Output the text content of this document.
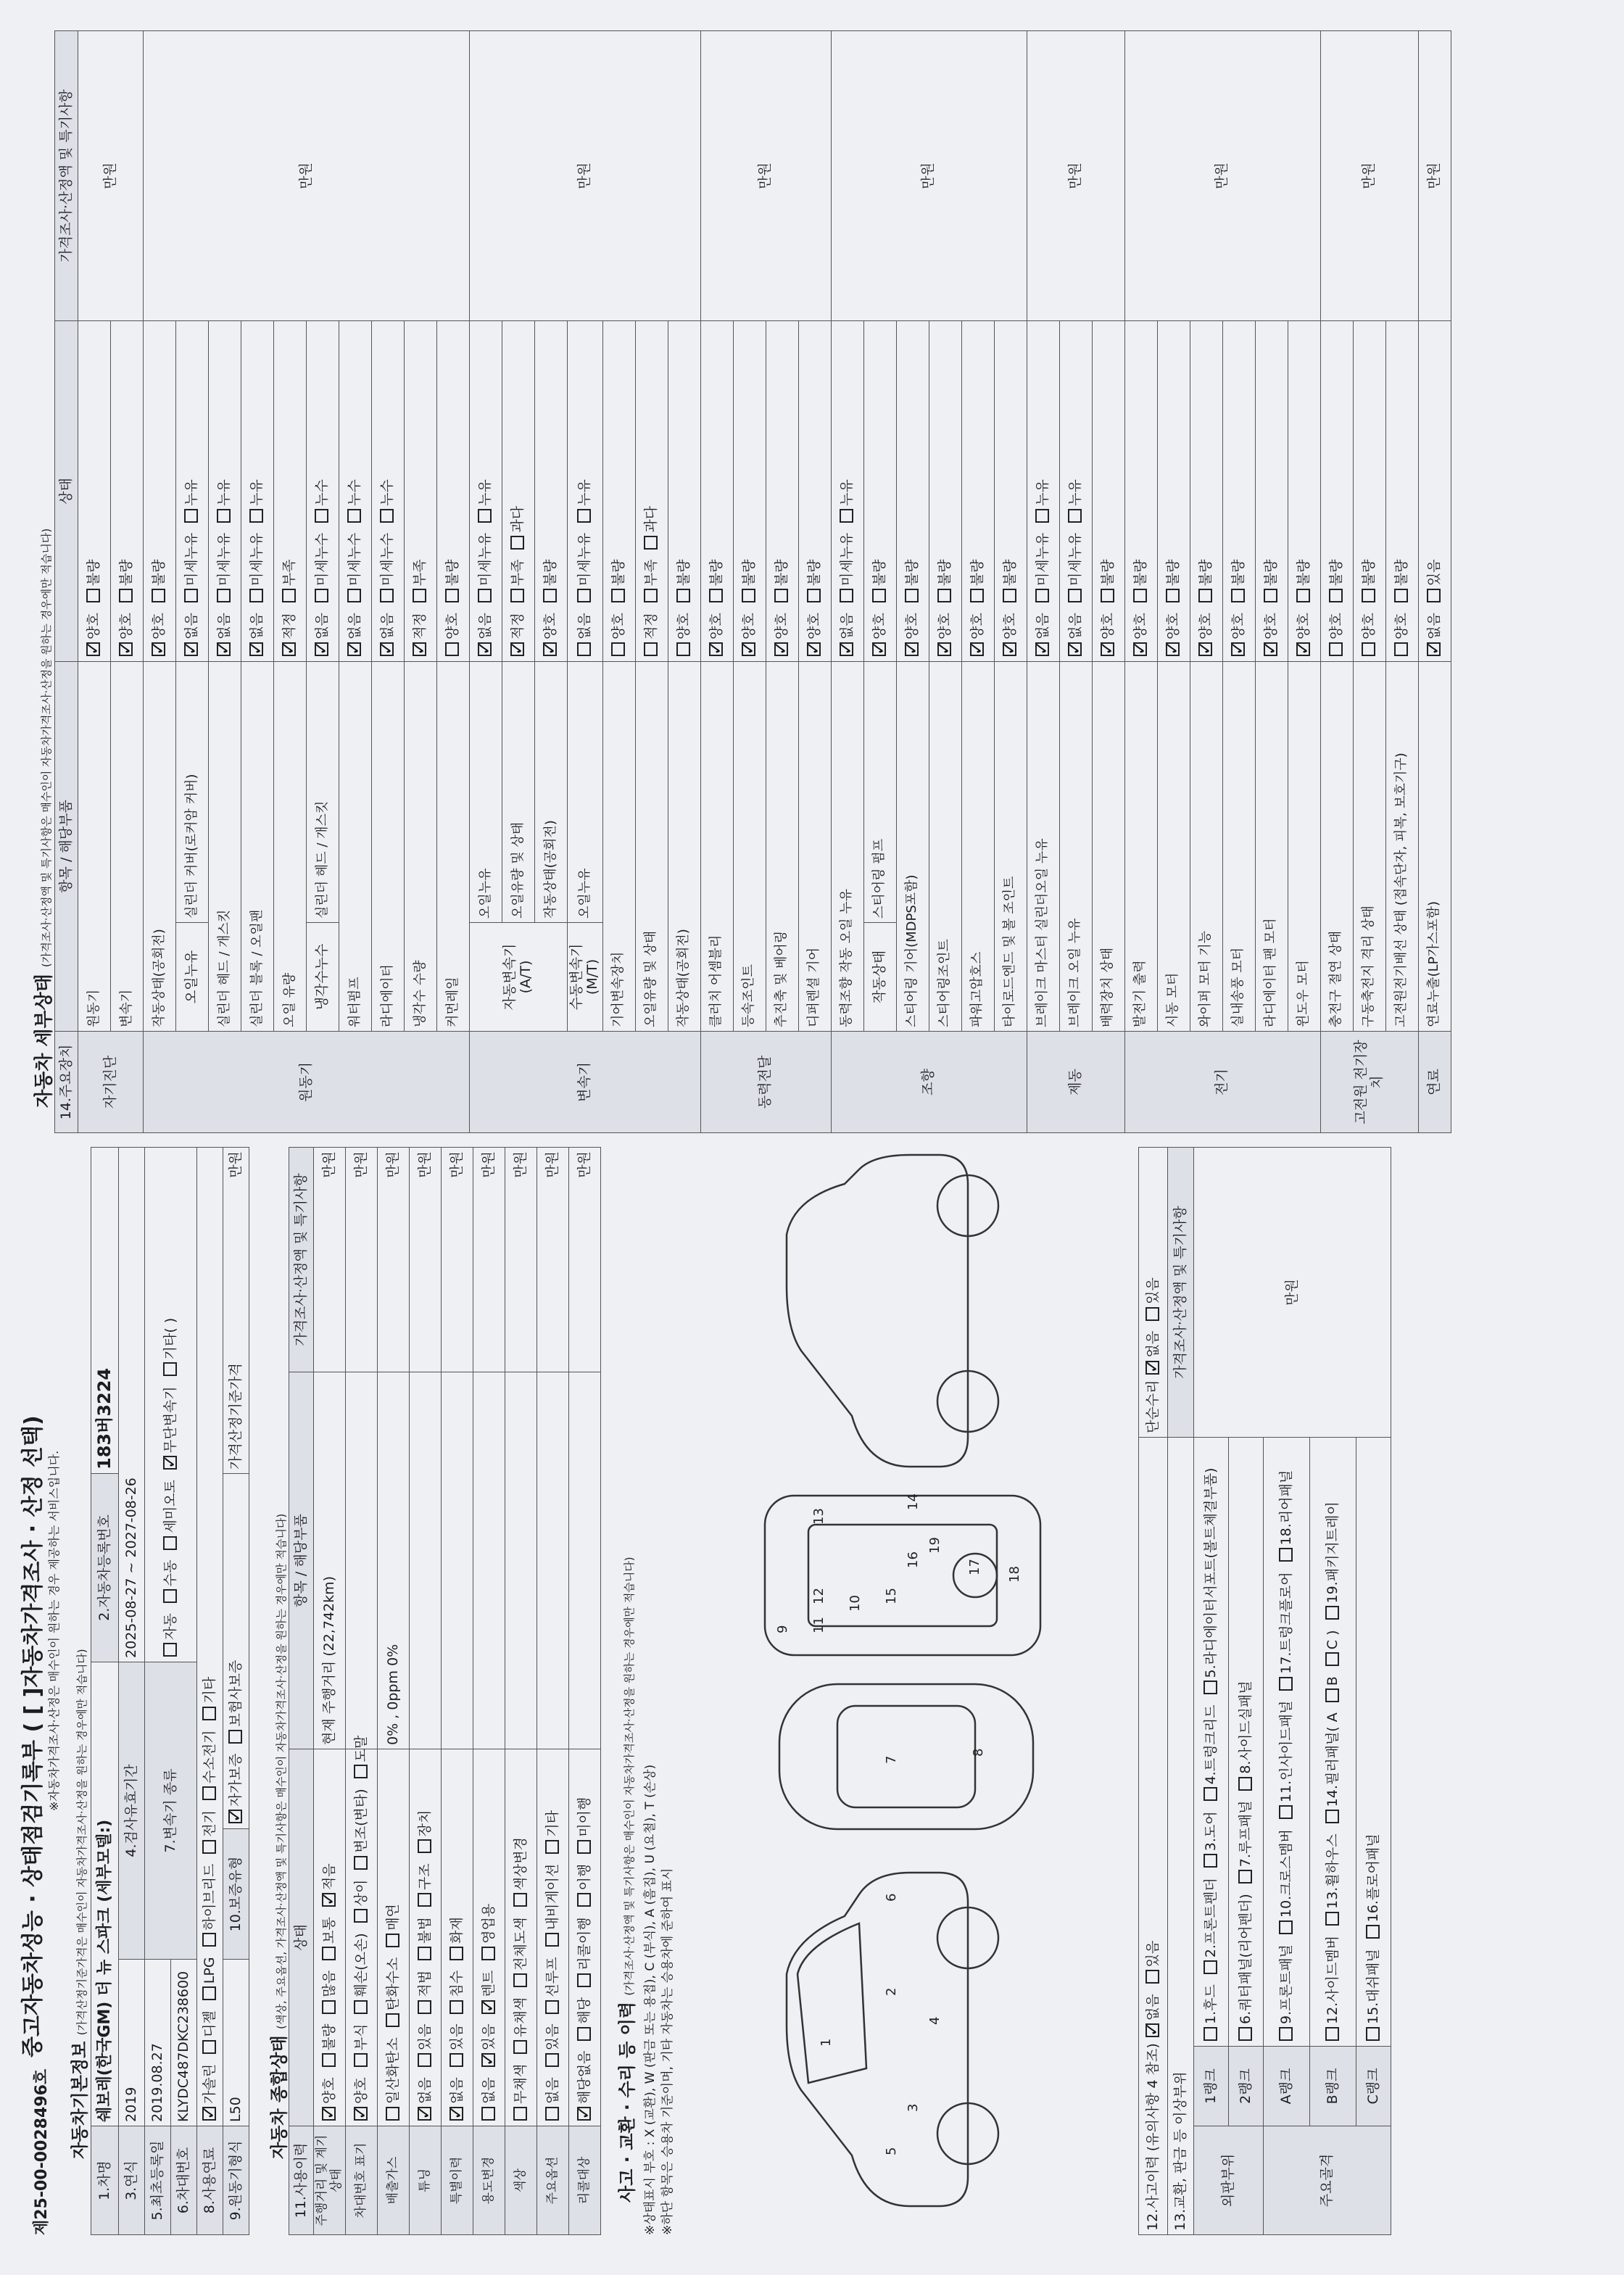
제25-00-0028496호
중고자동차성능 · 상태점검기록부 ( [ ]자동차가격조사 · 산정 선택) ※자동차가격조사·산정은 매수인이 원하는 경우 제공하는 서비스입니다.
자동차기본정보 (가격산정기준가격은 매수인이 자동차가격조사·산정을 원하는 경우에만 적습니다)
1.차명	쉐보레(한국GM) 더 뉴 스파크 (세부모델:)			2.자동차등록번호	183버3224
3.연식	2019	4.검사유효기간		2025-08-27 ~ 2027-08-26	
5.최초등록일	2019.08.27	7.변속기 종류		자동수동세미오토✓무단변속기기타( )
6.차대번호	KLYDC487DKC238600				
8.사용연료	✓가솔린디젤LPG하이브리드전기수소전기기타
9.원동기형식	L50	10.보증유형	✓자가보증보험사보증		가격산정기준가격
만원
자동차 종합상태 (색상, 주요옵션, 가격조사·산정액 및 특기사항은 매수인이 자동차가격조사·산정을 원하는 경우에만 적습니다)
11.사용이력	상태	항목 / 해당부품	가격조사·산정액 및 특기사항
주행거리 및 계기상태	✓양호불량많음보통✓적음	현재 주행거리 (22,742km)	만원
차대번호 표기	✓양호부식훼손(오손)상이변조(변타)도말		만원
배출가스	일산화탄소탄화수소매연	0% , 0ppm 0%	만원
튜닝	✓없음있음적법불법구조장치		만원
특별이력	✓없음있음침수화재		만원
용도변경	없음✓있음✓렌트영업용		만원
색상	무채색유채색전체도색색상변경		만원
주요옵션	없음있음선루프내비게이션기타		만원
리콜대상	✓해당없음해당리콜이행이행미이행		만원
사고 · 교환 · 수리 등 이력 (가격조사·산정액 및 특기사항은 매수인이 자동차가격조사·산정을 원하는 경우에만 적습니다) ※상태표시 부호 : X (교환), W (판금 또는 용접), C (부식), A (흠집), U (요철), T (손상) ※하단 항목은 승용차 기준이며, 기타 자동차는 승용차에 준하여 표시	1
2
3
4
5
6
7
8
9
10
11
12
13
14
15
16	17 18
19
12.사고이력 (유의사항 4 참조) ✓없음있음			단순수리 ✓없음있음
13.교환, 판금 등 이상부위			가격조사·산정액 및 특기사항
외판부위	1랭크	1.후드2.프론트펜더3.도어4.트렁크리드5.라디에이터서포트(볼트체결부품)	만원
	2랭크	6.쿼터패널(리어펜더)7.루프패널8.사이드실패널	
주요골격	A랭크	9.프론트패널10.크로스멤버11.인사이드패널17.트렁크플로어18.리어패널	
	B랭크	12.사이드멤버13.휠하우스14.필러패널( ABC )19.패키지트레이	
	C랭크	15.대쉬패널16.플로어패널	
자동차 세부상태 (가격조사·산정액 및 특기사항은 매수인이 자동차가격조사·산정을 원하는 경우에만 적습니다)
14.주요장치	항목 / 해당부품		상태	가격조사·산정액 및 특기사항
자기진단	원동기	✓양호불량	만원
	변속기	✓양호불량
원동기	작동상태(공회전)	✓양호불량	만원
	오일누유	실린더 커버(로커암 커버)	✓없음미세누유누유
	실린더 헤드 / 개스킷	✓없음미세누유누유
	실린더 블록 / 오일팬	✓없음미세누유누유
	오일 유량	✓적정부족
	냉각수누수	실린더 헤드 / 개스킷	✓없음미세누수누수
	워터펌프	✓없음미세누수누수
	라디에이터	✓없음미세누수누수
	냉각수 수량	✓적정부족
	커먼레일		양호불량	
변속기	자동변속기 (A/T)	오일누유	✓없음미세누유누유	만원
		오일유량 및 상태	✓적정부족과다
		작동상태(공회전)	✓양호불량
	수동변속기 (M/T)	오일누유	없음미세누유누유	
	기어변속장치		양호불량	
	오일유량 및 상태		적정부족과다	
	작동상태(공회전)		양호불량	
동력전달	클러치 어셈블리	✓양호불량	만원
	등속조인트	✓양호불량
	추진축 및 베어링	✓양호불량
	디퍼렌셜 기어	✓양호불량
조향	동력조향 작동 오일 누유	✓없음미세누유누유	만원
	작동상태	스티어링 펌프	✓양호불량
	스티어링 기어(MDPS포함)	✓양호불량
	스티어링조인트	✓양호불량
	파워고압호스	✓양호불량
	타이로드엔드 및 볼 조인트	✓양호불량
제동	브레이크 마스터 실린더오일 누유	✓없음미세누유누유	만원
	브레이크 오일 누유	✓없음미세누유누유
	배력장치 상태	✓양호불량
전기	발전기 출력	✓양호불량	만원
	시동 모터	✓양호불량
	와이퍼 모터 기능	✓양호불량
	실내송풍 모터	✓양호불량
	라디에이터 팬 모터	✓양호불량
	윈도우 모터	✓양호불량
고전원 전기장치	충전구 절연 상태		양호불량	만원
	구동축전지 격리 상태		양호불량	
	고전원전기배선 상태 (접속단자, 피복, 보호기구)		양호불량	
연료	연료누출(LP가스포함)	✓없음있음	만원
